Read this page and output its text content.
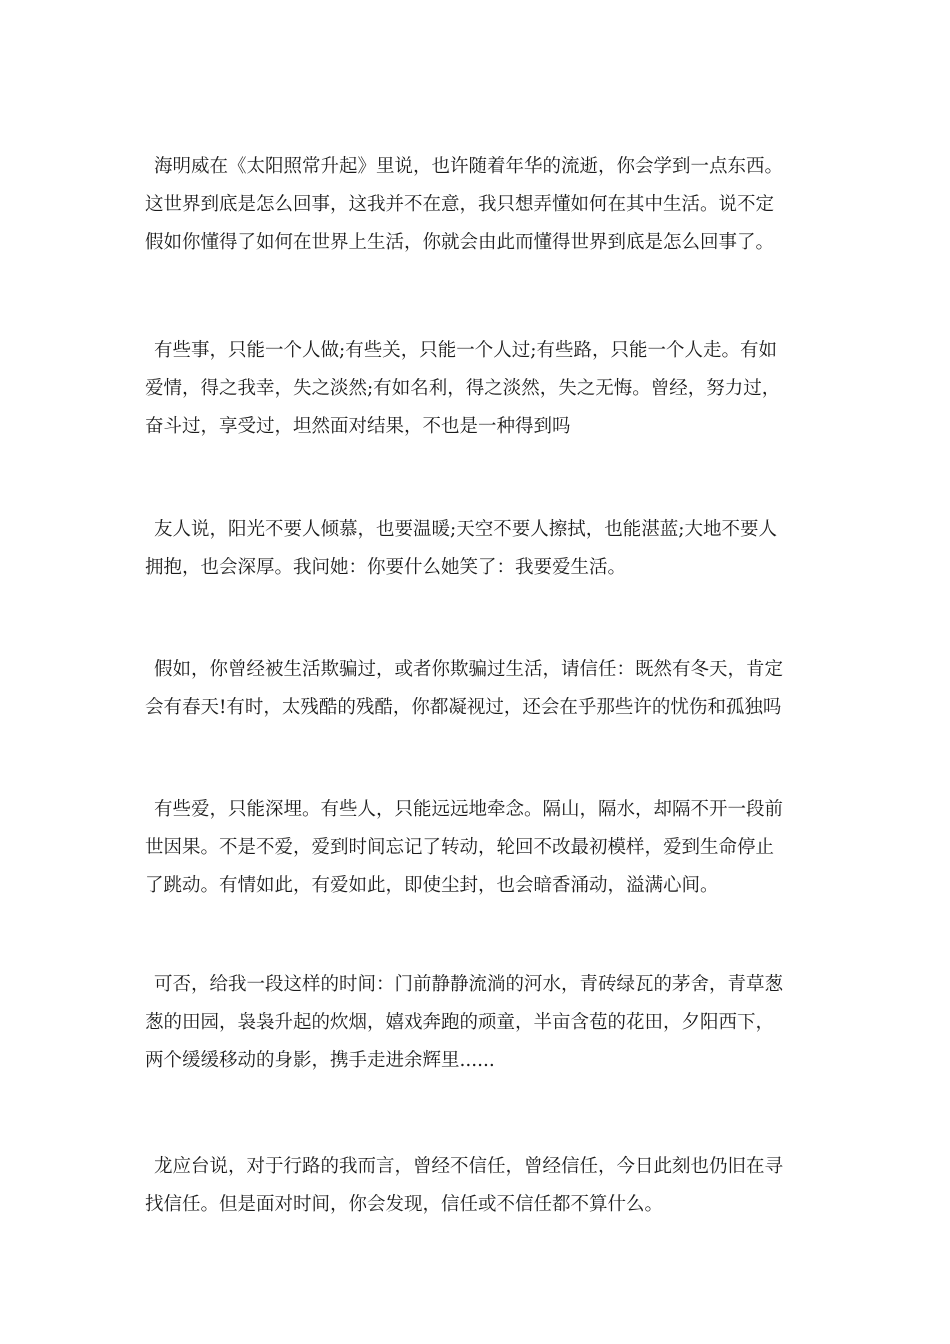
海明威在《太阳照常升起》里说，也许随着年华的流逝，你会学到一点东西。
这世界到底是怎么回事，这我并不在意，我只想弄懂如何在其中生活。说不定
假如你懂得了如何在世界上生活，你就会由此而懂得世界到底是怎么回事了。
有些事，只能一个人做;有些关，只能一个人过;有些路，只能一个人走。有如
爱情，得之我幸，失之淡然;有如名利，得之淡然，失之无悔。曾经，努力过，
奋斗过，享受过，坦然面对结果，不也是一种得到吗
友人说，阳光不要人倾慕，也要温暖;天空不要人擦拭，也能湛蓝;大地不要人
拥抱，也会深厚。我问她：你要什么她笑了：我要爱生活。
假如，你曾经被生活欺骗过，或者你欺骗过生活，请信任：既然有冬天，肯定
会有春天!有时，太残酷的残酷，你都凝视过，还会在乎那些许的忧伤和孤独吗
有些爱，只能深埋。有些人，只能远远地牵念。隔山，隔水，却隔不开一段前
世因果。不是不爱，爱到时间忘记了转动，轮回不改最初模样，爱到生命停止
了跳动。有情如此，有爱如此，即使尘封，也会暗香涌动，溢满心间。
可否，给我一段这样的时间：门前静静流淌的河水，青砖绿瓦的茅舍，青草葱
葱的田园，袅袅升起的炊烟，嬉戏奔跑的顽童，半亩含苞的花田，夕阳西下，
两个缓缓移动的身影，携手走进余辉里......
龙应台说，对于行路的我而言，曾经不信任，曾经信任，今日此刻也仍旧在寻
找信任。但是面对时间，你会发现，信任或不信任都不算什么。
